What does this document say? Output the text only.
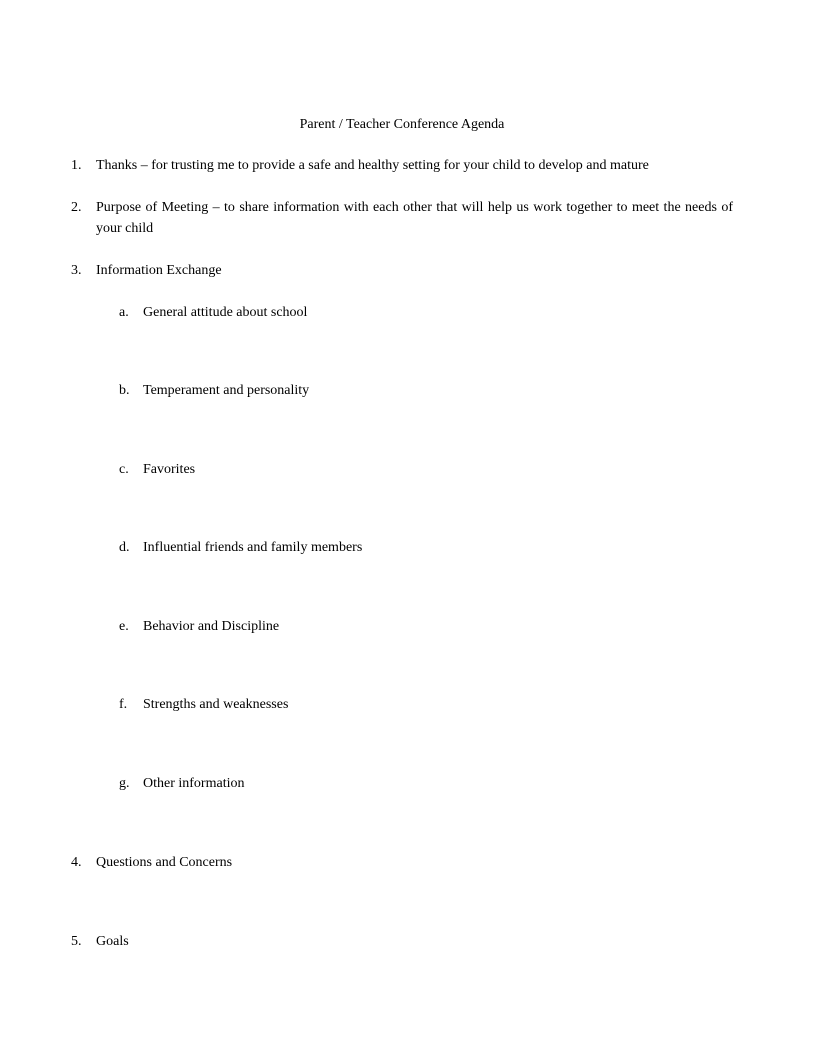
Parent / Teacher Conference Agenda
1.	Thanks – for trusting me to provide a safe and healthy setting for your child to develop and mature
2.	Purpose of Meeting – to share information with each other that will help us work together to meet the needs of your child
3.	Information Exchange
a.	General attitude about school
b. Temperament and personality
c.	Favorites
d. Influential friends and family members
e.	Behavior and Discipline
f.	Strengths and weaknesses
g. Other information
4.	Questions and Concerns
5.	Goals
